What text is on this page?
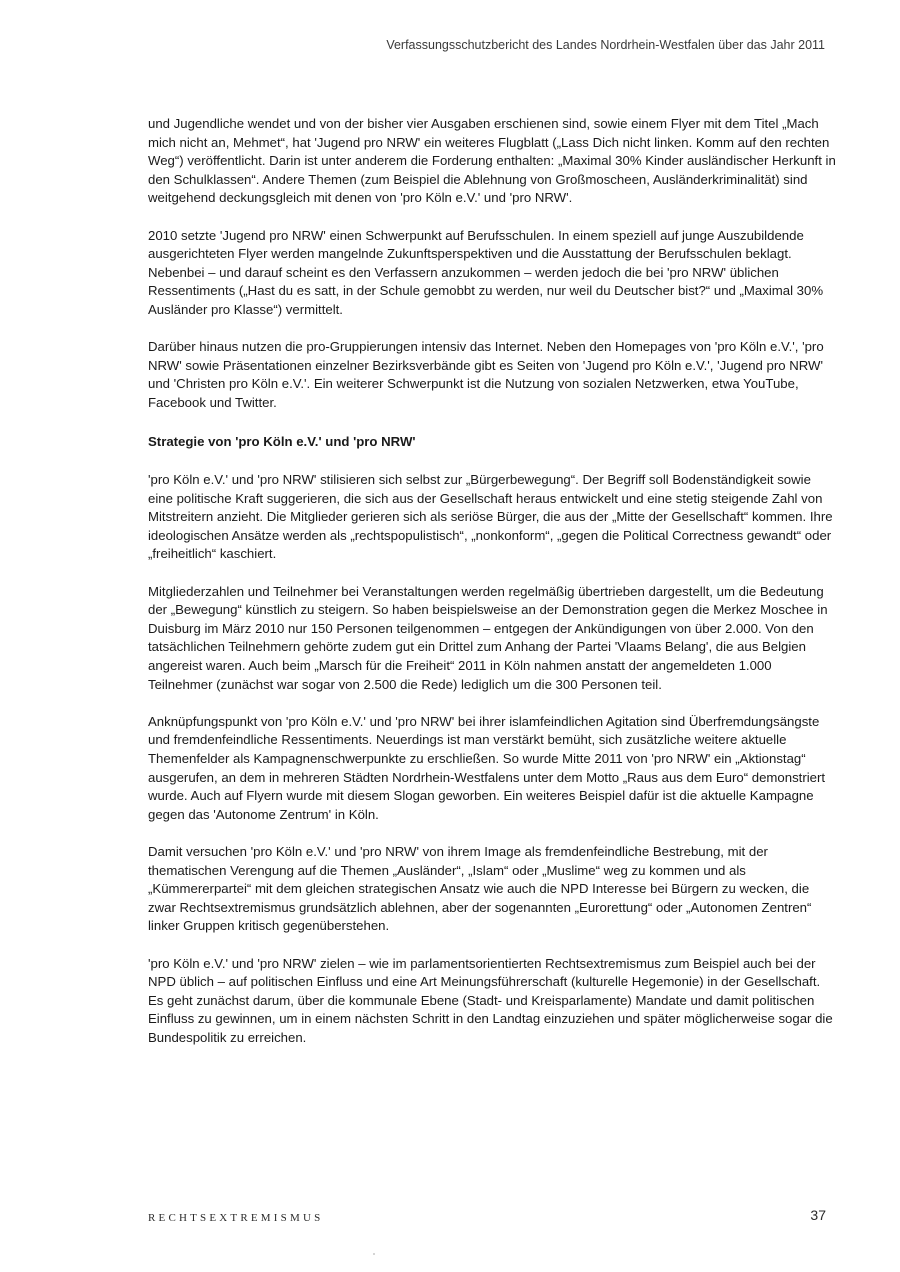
Verfassungsschutzbericht des Landes Nordrhein-Westfalen über das Jahr 2011

und Jugendliche wendet und von der bisher vier Ausgaben erschienen sind, sowie einem Flyer mit dem Titel „Mach mich nicht an, Mehmet“, hat 'Jugend pro NRW' ein weiteres Flugblatt („Lass Dich nicht linken. Komm auf den rechten Weg“) veröffentlicht. Darin ist unter anderem die Forderung enthalten: „Maximal 30% Kinder ausländischer Herkunft in den Schulklassen“. Andere Themen (zum Beispiel die Ablehnung von Großmoscheen, Ausländerkriminalität) sind weitgehend deckungsgleich mit denen von 'pro Köln e.V.' und 'pro NRW'.

2010 setzte 'Jugend pro NRW' einen Schwerpunkt auf Berufsschulen. In einem speziell auf junge Auszubildende ausgerichteten Flyer werden mangelnde Zukunftsperspektiven und die Ausstattung der Berufsschulen beklagt. Nebenbei – und darauf scheint es den Verfassern anzukommen – werden jedoch die bei 'pro NRW' üblichen Ressentiments („Hast du es satt, in der Schule gemobbt zu werden, nur weil du Deutscher bist?“ und „Maximal 30% Ausländer pro Klasse“) vermittelt.

Darüber hinaus nutzen die pro-Gruppierungen intensiv das Internet. Neben den Homepages von 'pro Köln e.V.', 'pro NRW' sowie Präsentationen einzelner Bezirksverbände gibt es Seiten von 'Jugend pro Köln e.V.', 'Jugend pro NRW' und 'Christen pro Köln e.V.'. Ein weiterer Schwerpunkt ist die Nutzung von sozialen Netzwerken, etwa YouTube, Facebook und Twitter.

Strategie von 'pro Köln e.V.' und 'pro NRW'

'pro Köln e.V.' und 'pro NRW' stilisieren sich selbst zur „Bürgerbewegung“. Der Begriff soll Bodenständigkeit sowie eine politische Kraft suggerieren, die sich aus der Gesellschaft heraus entwickelt und eine stetig steigende Zahl von Mitstreitern anzieht. Die Mitglieder gerieren sich als seriöse Bürger, die aus der „Mitte der Gesellschaft“ kommen. Ihre ideologischen Ansätze werden als „rechtspopulistisch“, „nonkonform“, „gegen die Political Correctness gewandt“ oder „freiheitlich“ kaschiert.

Mitgliederzahlen und Teilnehmer bei Veranstaltungen werden regelmäßig übertrieben dargestellt, um die Bedeutung der „Bewegung“ künstlich zu steigern. So haben beispielsweise an der Demonstration gegen die Merkez Moschee in Duisburg im März 2010 nur 150 Personen teilgenommen – entgegen der Ankündigungen von über 2.000. Von den tatsächlichen Teilnehmern gehörte zudem gut ein Drittel zum Anhang der Partei 'Vlaams Belang', die aus Belgien angereist waren. Auch beim „Marsch für die Freiheit“ 2011 in Köln nahmen anstatt der angemeldeten 1.000 Teilnehmer (zunächst war sogar von 2.500 die Rede) lediglich um die 300 Personen teil.

Anknüpfungspunkt von 'pro Köln e.V.' und 'pro NRW' bei ihrer islamfeindlichen Agitation sind Überfremdungsängste und fremdenfeindliche Ressentiments. Neuerdings ist man verstärkt bemüht, sich zusätzliche weitere aktuelle Themenfelder als Kampagnenschwerpunkte zu erschließen. So wurde Mitte 2011 von 'pro NRW' ein „Aktionstag“ ausgerufen, an dem in mehreren Städten Nordrhein-Westfalens unter dem Motto „Raus aus dem Euro“ demonstriert wurde. Auch auf Flyern wurde mit diesem Slogan geworben. Ein weiteres Beispiel dafür ist die aktuelle Kampagne gegen das 'Autonome Zentrum' in Köln.

Damit versuchen 'pro Köln e.V.' und 'pro NRW' von ihrem Image als fremdenfeindliche Bestrebung, mit der thematischen Verengung auf die Themen „Ausländer“, „Islam“ oder „Muslime“ weg zu kommen und als „Kümmererpartei“ mit dem gleichen strategischen Ansatz wie auch die NPD Interesse bei Bürgern zu wecken, die zwar Rechtsextremismus grundsätzlich ablehnen, aber der sogenannten „Eurorettung“ oder „Autonomen Zentren“ linker Gruppen kritisch gegenüberstehen.

'pro Köln e.V.' und 'pro NRW' zielen – wie im parlamentsorientierten Rechtsextremismus zum Beispiel auch bei der NPD üblich – auf politischen Einfluss und eine Art Meinungsführerschaft (kulturelle Hegemonie) in der Gesellschaft. Es geht zunächst darum, über die kommunale Ebene (Stadt- und Kreisparlamente) Mandate und damit politischen Einfluss zu gewinnen, um in einem nächsten Schritt in den Landtag einzuziehen und später möglicherweise sogar die Bundespolitik zu erreichen.

RECHTSEXTREMISMUS	37
